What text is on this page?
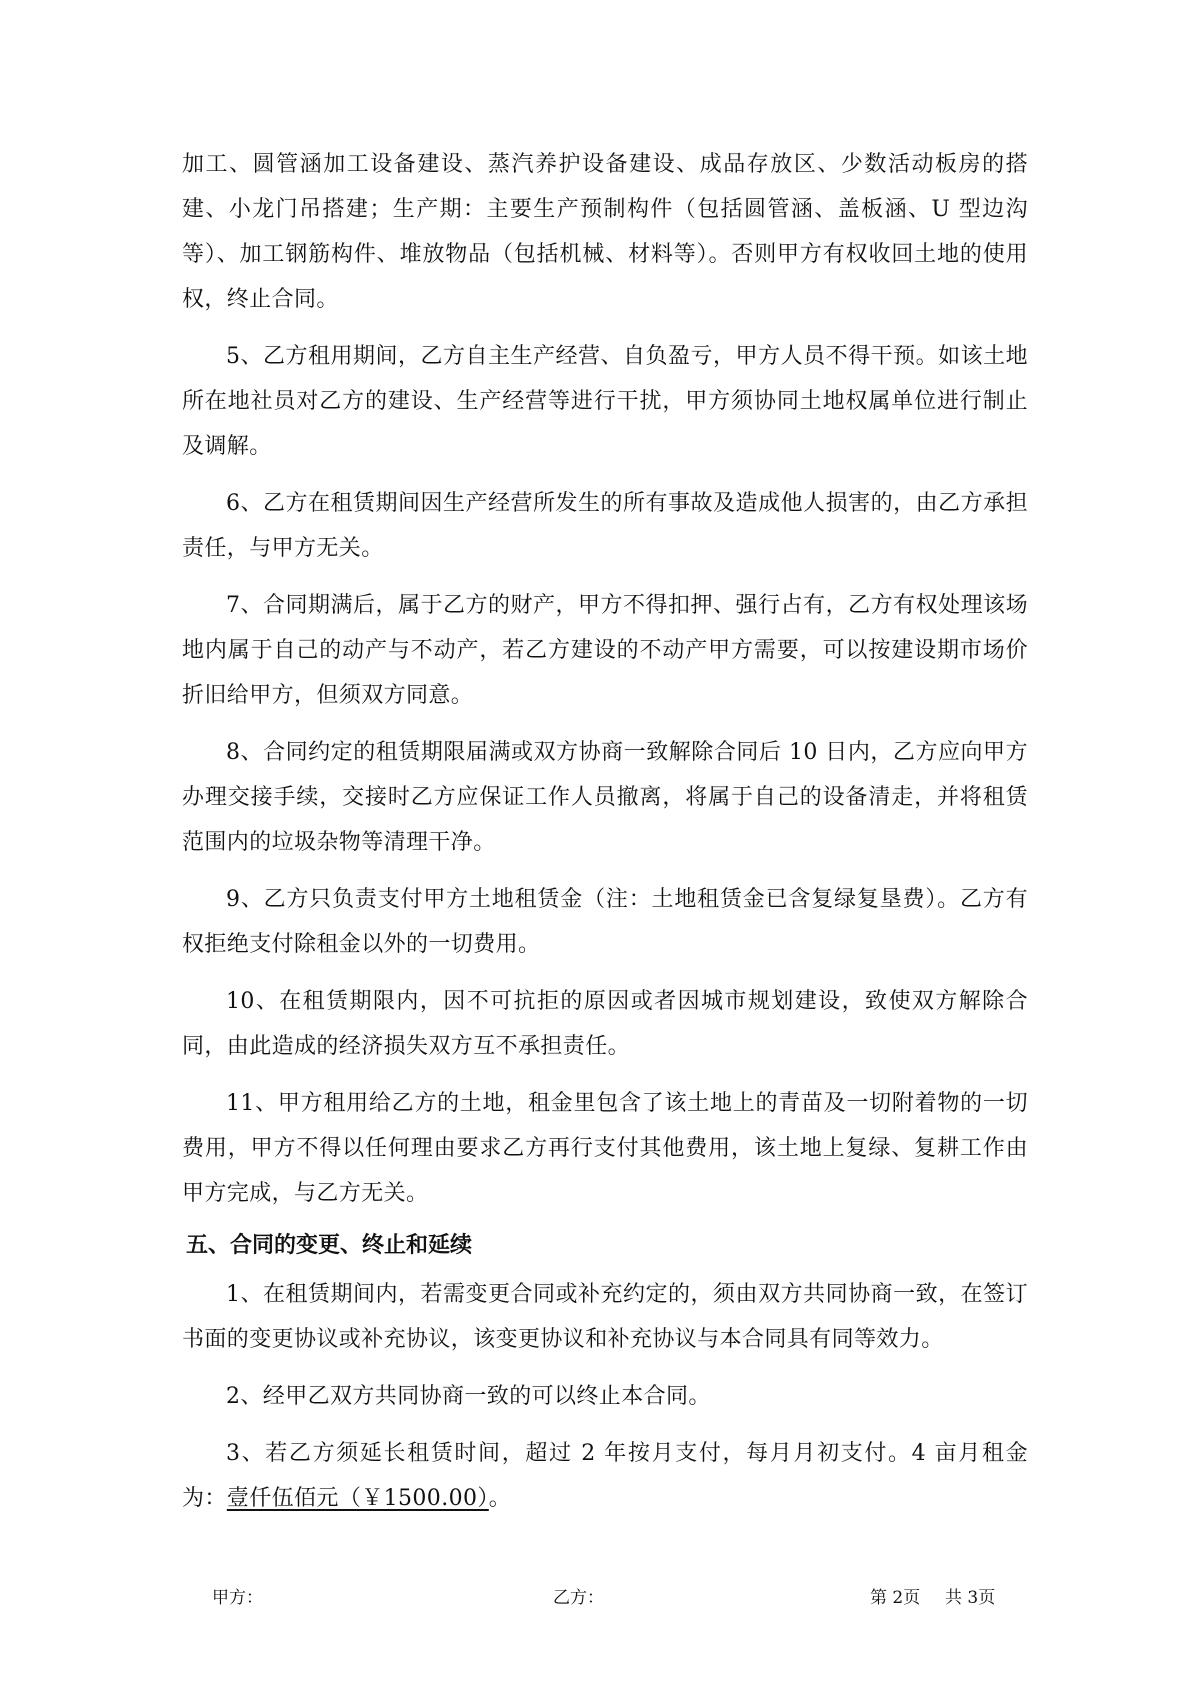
加工、圆管涵加工设备建设、蒸汽养护设备建设、成品存放区、少数活动板房的搭建、小龙门吊搭建；生产期：主要生产预制构件（包括圆管涵、盖板涵、U 型边沟等）、加工钢筋构件、堆放物品（包括机械、材料等）。否则甲方有权收回土地的使用权，终止合同。

5、乙方租用期间，乙方自主生产经营、自负盈亏，甲方人员不得干预。如该土地所在地社员对乙方的建设、生产经营等进行干扰，甲方须协同土地权属单位进行制止及调解。

6、乙方在租赁期间因生产经营所发生的所有事故及造成他人损害的，由乙方承担责任，与甲方无关。

7、合同期满后，属于乙方的财产，甲方不得扣押、强行占有，乙方有权处理该场地内属于自己的动产与不动产，若乙方建设的不动产甲方需要，可以按建设期市场价折旧给甲方，但须双方同意。

8、合同约定的租赁期限届满或双方协商一致解除合同后 10 日内，乙方应向甲方办理交接手续，交接时乙方应保证工作人员撤离，将属于自己的设备清走，并将租赁范围内的垃圾杂物等清理干净。

9、乙方只负责支付甲方土地租赁金（注：土地租赁金已含复绿复垦费）。乙方有权拒绝支付除租金以外的一切费用。

10、在租赁期限内，因不可抗拒的原因或者因城市规划建设，致使双方解除合同，由此造成的经济损失双方互不承担责任。

11、甲方租用给乙方的土地，租金里包含了该土地上的青苗及一切附着物的一切费用，甲方不得以任何理由要求乙方再行支付其他费用，该土地上复绿、复耕工作由甲方完成，与乙方无关。

五、合同的变更、终止和延续

1、在租赁期间内，若需变更合同或补充约定的，须由双方共同协商一致，在签订书面的变更协议或补充协议，该变更协议和补充协议与本合同具有同等效力。

2、经甲乙双方共同协商一致的可以终止本合同。

3、若乙方须延长租赁时间，超过 2 年按月支付，每月月初支付。4 亩月租金为：壹仟伍佰元（￥1500.00）。

甲方：	乙方：	第 2页 共 3页
